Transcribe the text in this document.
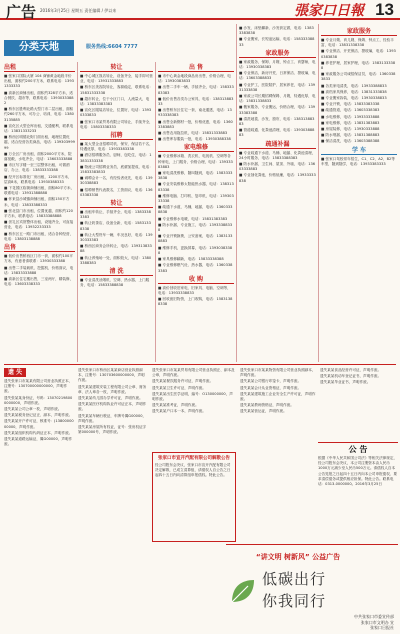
广告 2016年3月25日 星期五 责任编辑 / 伊以来	張家口日報 13
分类天地	服务热线:6604 7777
出租
■ 张家口国际大厦 104 商铺黄金地段半价出租，面积约200平方米，联系电话：13931333333
■ 高新区商铺出租，面积约328平方米，适合餐饮、超市等，联系电话：13930333882
■ 桥东区胜利北路大型门市二层出租，面积约260平方米，可办公、培训，电话：13803135885
■ 宣化区大型仓库出租，交通便利，联系电话：13831333233
■ 桥西区明德北街门面出租，地理位置优越，适合经营各类商品，电话：13930399999
■ 万全区厂房出租，面积2000平方米，院落宽敞，水电齐全，电话：13603333888
■ 市区写字楼一至三层整体出租，可做酒店、办公，电话：13833333388
■ 经开区标准化厂房出租，1200平方米，层高8米，联系电话：13930388333
■ 下花园区临街商铺出租，面积80平方米，联系电话：13931388888
■ 怀来县沙城镇商铺出租，面积150平方米，电话：13833388333
■ 张北县门市出租，位置优越，面积约120平方米，联系电话：15833388888
■ 崇礼区宾馆整体出租，设施齐全，可直接营业，电话：13932233333
■ 桥东区五一路门市出租，适合各种经营，电话：13803138888
出售
■ 低价出售桥西区门市一套，面积约100平方米，有意者请联系：13930333388
■ 出售二手装载机、挖掘机，价格面议，电话：15833333888
■ 高新区住宅楼出售，三室两厅，精装修，电话：13603338333
转让
■ 中心城区饭店转让，设备齐全，接手即可营业，电话：13931333883
■ 桥东区美容院转让，客源稳定，联系电话：15831333338
■ 超市转让，位于小区门口，人流量大，电话：13833383383
■ 宣化区服装店转让，位置好，电话：13930333833
■ 张家口市某贸易有限公司转让，手续齐全，电话：15803338333
招聘
■ 某大型企业招聘司机、保安、保洁若干名，待遇优厚，电话：13933383338
■ 酒店招聘服务员、厨师，包吃住，电话：13831333338
■ 物流公司招聘业务员，底薪加提成，电话：15833383833
■ 诚聘会计一名，有经验者优先，电话：13930338883
■ 招聘销售代表数名，工资面议，电话：13603383338
转让
■ 出租车转让，手续齐全，电话：13833383383
■ 转让奶茶店，设备全新，电话：15831338338
■ 转让大型货车一辆，车况良好，电话：13930333383
■ 桥西区商务会所转让，电话：13931383388
■ 转让养殖场一处，面积较大，电话：13803388383
清 洗
■ 专业清洗油烟机、空调、热水器，上门服务，电话：15833388838
出 售
■ 市中心黄金地段商品房出售，价格合理，电话：13930383833
■ 出售二手车一辆，手续齐全，电话：15833383383
■ 低价出售各类办公家具，电话：13831388333
■ 出售桥东区住宅一套，南北通透，电话：13933338383
■ 出售全新钢材一批，价格优惠，电话：13603383883
■ 出售农用拖拉机，电话：15831333883
■ 出售库存服装一批，电话：13930388338
家电维修
■ 专业维修冰箱、洗衣机、电视机、空调等各种家电，上门服务，价格合理，电话：13933383883
■ 家电清洗维修，随叫随到，电话：15833333838
■ 专业安装维修太阳能热水器，电话：13831383338
■ 维修电脑、打印机、复印机，电话：13930333338
■ 疏通下水道，马桶，地漏，电话：13603338838
■ 专业维修水电暖，电话：15831383383
■ 防水补漏，专业施工，电话：13933388338
■ 专业开锁换锁，公安备案，电话：13831338883
■ 维修手机，更换屏幕，电话：13930383388
■ 家具维修翻新，电话：15833338388
■ 专业维修燃气灶、热水器，电话：13603383383
收 购
■ 高价回收旧家电、旧家具、电脑、空调等，电话：13933338833
■ 回收废旧物资，上门收购，电话：15831388338
■ 沙发、床垫翻新、沙发套定做，电话：13833383838
■ 专业搬家，长短途运输，电话：15833338833
家政服务
■ 家政服务，保姆、月嫂、钟点工、育婴师，电话：13930338383
■ 专业保洁，新房开荒、日常保洁、擦玻璃，电话：13603388833
■ 专业护工，医院陪护、居家养老，电话：13931333838
■ 家政公司长期招聘保姆、月嫂，待遇优厚，电话：15831338833
■ 搬家服务，专业搬运，价格合理，电话：13933383388
■ 清洗地毯、沙发、窗帘，电话：13831388383
■ 管道疏通、化粪池清理，电话：13930388883
疏通补漏
■ 专业疏通下水道、马桶、地漏、化粪池清理，24小时服务，电话：15833388383
■ 防水补漏，卫生间、屋顶、外墙，电话：13603333883
■ 专业抽化粪池，价格低廉，电话：13933333838
家政服务
■ 专业月嫂、育儿嫂、保姆、钟点工，经验丰富，电话：13831338338
■ 专业保洁、开荒保洁、擦玻璃，电话：13930383838
■ 养老护理，居家护理，电话：15831333388
■ 家政服务公司诚招保洁员，电话：13603383833
■ 各类家电清洗，电话：13933388833
■ 高档家具保养，电话：13831333838
■ 专业搬家拆装，电话：13930338833
■ 专业开锁，电话：15833383338
■ 疏通管道，电话：13603338383
■ 水电维修，电话：13933333888
■ 家电维修，电话：13831383883
■ 房屋装修，电话：13930333888
■ 防水堵漏，电话：15831388883
■ 保洁清洗，电话：13603388388
学 车
■ 张家口驾校常年招生，C1、C2、A2、B2等车型，随到随学，电话：13933383333
遗 失
遗失张家口市某某有限公司营业执照正本，注册号：130700000000000，声明作废。
遗失张某某身份证，号码：130702198000000000，声明作废。
遗失某某公司公章一枚，声明作废。
遗失某某税务登记证正、副本，声明作废。
遗失某某开户许可证，核准号：J1380000000000，声明作废。
遗失某某组织机构代码证正本，声明作废。
遗失某某道路运输证，冀G00000，声明作废。
遗失张家口市桥西区某某商店营业执照副本，注册号：130703600000000，声明作废。
遗失某某建筑安装工程有限公司公章、财务章、法人章各一枚，声明作废。
遗失某某幼儿园办学许可证，声明作废。
遗失某某医疗机构执业许可证正本，声明作废。
遗失某某车辆行驶证，车牌号冀G00000，声明作废。
遗失某某房屋所有权证，证号：张房权证字第000000号，声明作废。
遗失张家口市某某贸易有限公司营业执照正、副本及公章，声明作废。
遗失某某餐饮服务许可证，声明作废。
遗失某某卫生许可证，声明作废。
遗失某某出生医学证明，编号：O130000000，声明作废。
遗失某某准考证，声明作废。
遗失某某户口本一本，声明作废。
张家口市宣开汽配有限公司解散公告
经公司股东会决议，张家口市宣开汽配有限公司决定解散，已成立清算组，请债权人自公告之日起四十五日内向清算组申报债权。特此公告。
遗失张家口市某某物资有限公司营业执照副本，声明作废。
遗失某某公司银行印鉴卡，声明作废。
遗失某某会计从业资格证，声明作废。
遗失某某建筑施工企业安全生产许可证，声明作废。
遗失某某教师资格证，声明作废。
遗失某某营运证，声明作废。
遗失某某食品经营许可证，声明作废。
遗失某某机动车登记证书，声明作废。
遗失某某毕业证书，声明作废。
公 告
根据《中华人民共和国公司法》等相关法律规定，经公司股东会决议，本公司注册资本由人民币1000万元减少至人民币500万元。请债权人自本公告见报之日起四十五日内向本公司申报债权、要求清偿债务或提供相应担保。特此公告。联系电话：0313-0000000。2016年3月25日
“讲文明 树新风” 公益广告
低碳出行
你我同行
中共张家口市委宣传部
张家口市文明办 宣
张家口日报社
